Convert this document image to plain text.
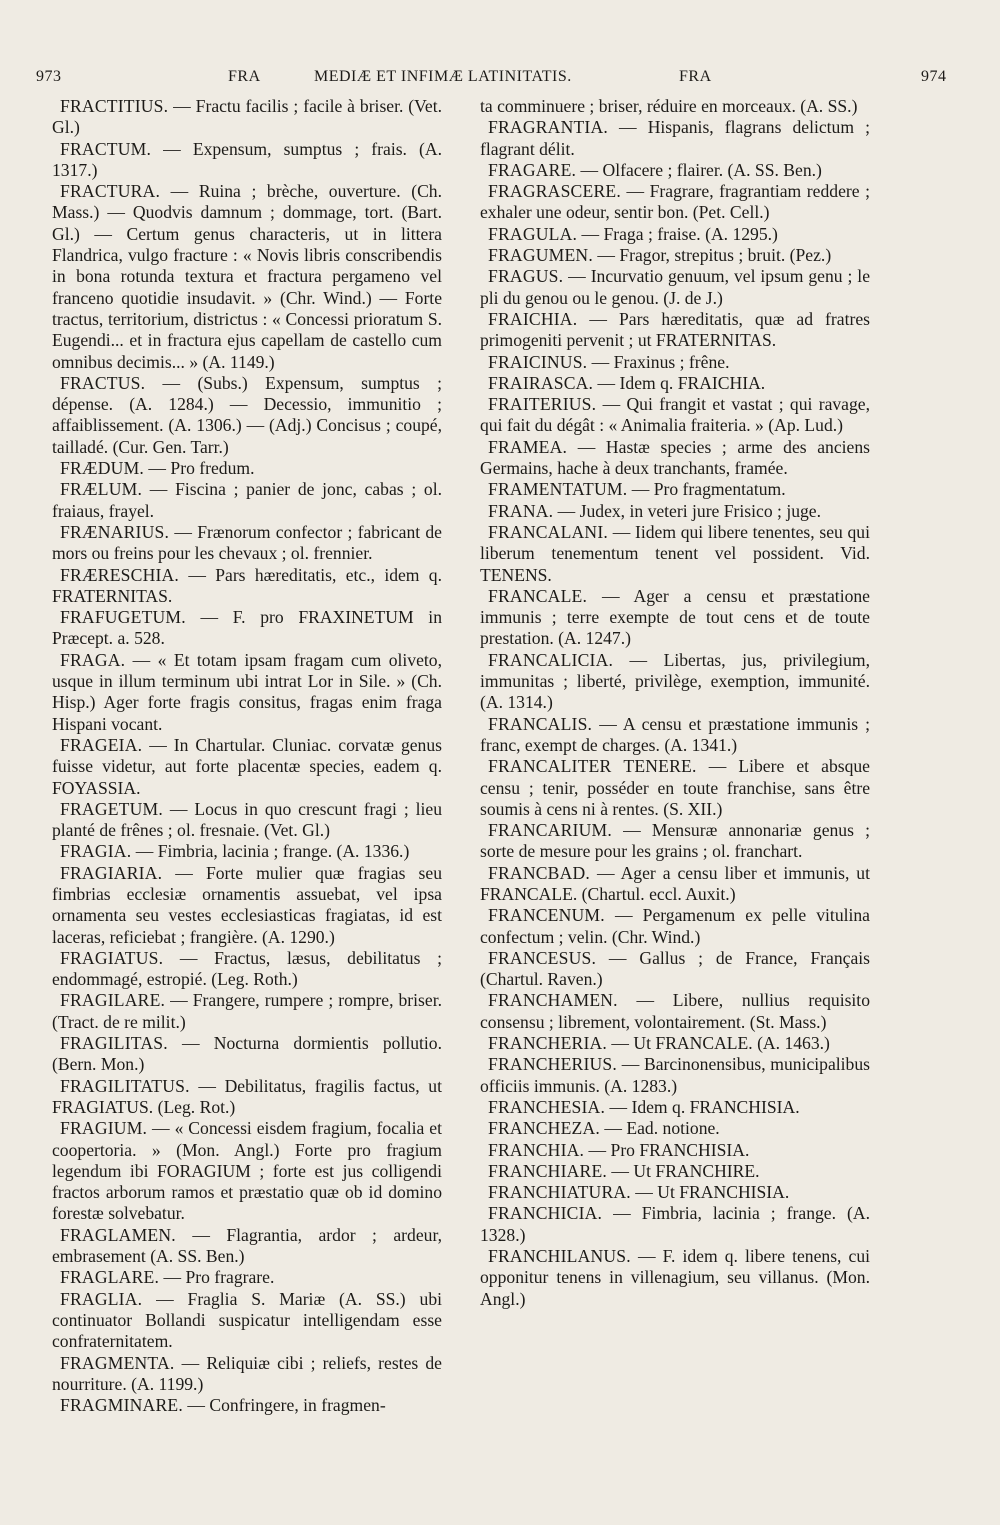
973	FRA	MEDIÆ ET INFIMÆ LATINITATIS.	FRA	974

FRACTITIUS. — Fractu facilis ; facile à briser. (Vet. Gl.)

FRACTUM. — Expensum, sumptus ; frais. (A. 1317.)

FRACTURA. — Ruina ; brèche, ouverture. (Ch. Mass.) — Quodvis damnum ; dommage, tort. (Bart. Gl.) — Certum genus characteris, ut in littera Flandrica, vulgo fracture : « Novis libris conscribendis in bona rotunda textura et fractura pergameno vel franceno quotidie insudavit. » (Chr. Wind.) — Forte tractus, territorium, districtus : « Concessi prioratum S. Eugendi... et in fractura ejus capellam de castello cum omnibus decimis... » (A. 1149.)

FRACTUS. — (Subs.) Expensum, sumptus ; dépense. (A. 1284.) — Decessio, immunitio ; affaiblissement. (A. 1306.) — (Adj.) Concisus ; coupé, tailladé. (Cur. Gen. Tarr.)

FRÆDUM. — Pro fredum.

FRÆLUM. — Fiscina ; panier de jonc, cabas ; ol. fraiaus, frayel.

FRÆNARIUS. — Frænorum confector ; fabricant de mors ou freins pour les chevaux ; ol. frennier.

FRÆRESCHIA. — Pars hæreditatis, etc., idem q. FRATERNITAS.

FRAFUGETUM. — F. pro FRAXINETUM in Præcept. a. 528.

FRAGA. — « Et totam ipsam fragam cum oliveto, usque in illum terminum ubi intrat Lor in Sile. » (Ch. Hisp.) Ager forte fragis consitus, fragas enim fraga Hispani vocant.

FRAGEIA. — In Chartular. Cluniac. corvatæ genus fuisse videtur, aut forte placentæ species, eadem q. FOYASSIA.

FRAGETUM. — Locus in quo crescunt fragi ; lieu planté de frênes ; ol. fresnaie. (Vet. Gl.)

FRAGIA. — Fimbria, lacinia ; frange. (A. 1336.)

FRAGIARIA. — Forte mulier quæ fragias seu fimbrias ecclesiæ ornamentis assuebat, vel ipsa ornamenta seu vestes ecclesiasticas fragiatas, id est laceras, reficiebat ; frangière. (A. 1290.)

FRAGIATUS. — Fractus, læsus, debilitatus ; endommagé, estropié. (Leg. Roth.)

FRAGILARE. — Frangere, rumpere ; rompre, briser. (Tract. de re milit.)

FRAGILITAS. — Nocturna dormientis pollutio. (Bern. Mon.)

FRAGILITATUS. — Debilitatus, fragilis factus, ut FRAGIATUS. (Leg. Rot.)

FRAGIUM. — « Concessi eisdem fragium, focalia et coopertoria. » (Mon. Angl.) Forte pro fragium legendum ibi FORAGIUM ; forte est jus colligendi fractos arborum ramos et præstatio quæ ob id domino forestæ solvebatur.

FRAGLAMEN. — Flagrantia, ardor ; ardeur, embrasement (A. SS. Ben.)

FRAGLARE. — Pro fragrare.

FRAGLIA. — Fraglia S. Mariæ (A. SS.) ubi continuator Bollandi suspicatur intelligendam esse confraternitatem.

FRAGMENTA. — Reliquiæ cibi ; reliefs, restes de nourriture. (A. 1199.)

FRAGMINARE. — Confringere, in fragmen-

ta comminuere ; briser, réduire en morceaux. (A. SS.)

FRAGRANTIA. — Hispanis, flagrans delictum ; flagrant délit.

FRAGARE. — Olfacere ; flairer. (A. SS. Ben.)

FRAGRASCERE. — Fragrare, fragrantiam reddere ; exhaler une odeur, sentir bon. (Pet. Cell.)

FRAGULA. — Fraga ; fraise. (A. 1295.)

FRAGUMEN. — Fragor, strepitus ; bruit. (Pez.)

FRAGUS. — Incurvatio genuum, vel ipsum genu ; le pli du genou ou le genou. (J. de J.)

FRAICHIA. — Pars hæreditatis, quæ ad fratres primogeniti pervenit ; ut FRATERNITAS.

FRAICINUS. — Fraxinus ; frêne.

FRAIRASCA. — Idem q. FRAICHIA.

FRAITERIUS. — Qui frangit et vastat ; qui ravage, qui fait du dégât : « Animalia fraiteria. » (Ap. Lud.)

FRAMEA. — Hastæ species ; arme des anciens Germains, hache à deux tranchants, framée.

FRAMENTATUM. — Pro fragmentatum.

FRANA. — Judex, in veteri jure Frisico ; juge.

FRANCALANI. — Iidem qui libere tenentes, seu qui liberum tenementum tenent vel possident. Vid. TENENS.

FRANCALE. — Ager a censu et præstatione immunis ; terre exempte de tout cens et de toute prestation. (A. 1247.)

FRANCALICIA. — Libertas, jus, privilegium, immunitas ; liberté, privilège, exemption, immunité. (A. 1314.)

FRANCALIS. — A censu et præstatione immunis ; franc, exempt de charges. (A. 1341.)

FRANCALITER TENERE. — Libere et absque censu ; tenir, posséder en toute franchise, sans être soumis à cens ni à rentes. (S. XII.)

FRANCARIUM. — Mensuræ annonariæ genus ; sorte de mesure pour les grains ; ol. franchart.

FRANCBAD. — Ager a censu liber et immunis, ut FRANCALE. (Chartul. eccl. Auxit.)

FRANCENUM. — Pergamenum ex pelle vitulina confectum ; velin. (Chr. Wind.)

FRANCESUS. — Gallus ; de France, Français (Chartul. Raven.)

FRANCHAMEN. — Libere, nullius requisito consensu ; librement, volontairement. (St. Mass.)

FRANCHERIA. — Ut FRANCALE. (A. 1463.)

FRANCHERIUS. — Barcinonensibus, municipalibus officiis immunis. (A. 1283.)

FRANCHESIA. — Idem q. FRANCHISIA.

FRANCHEZA. — Ead. notione.

FRANCHIA. — Pro FRANCHISIA.

FRANCHIARE. — Ut FRANCHIRE.

FRANCHIATURA. — Ut FRANCHISIA.

FRANCHICIA. — Fimbria, lacinia ; frange. (A. 1328.)

FRANCHILANUS. — F. idem q. libere tenens, cui opponitur tenens in villenagium, seu villanus. (Mon. Angl.)
